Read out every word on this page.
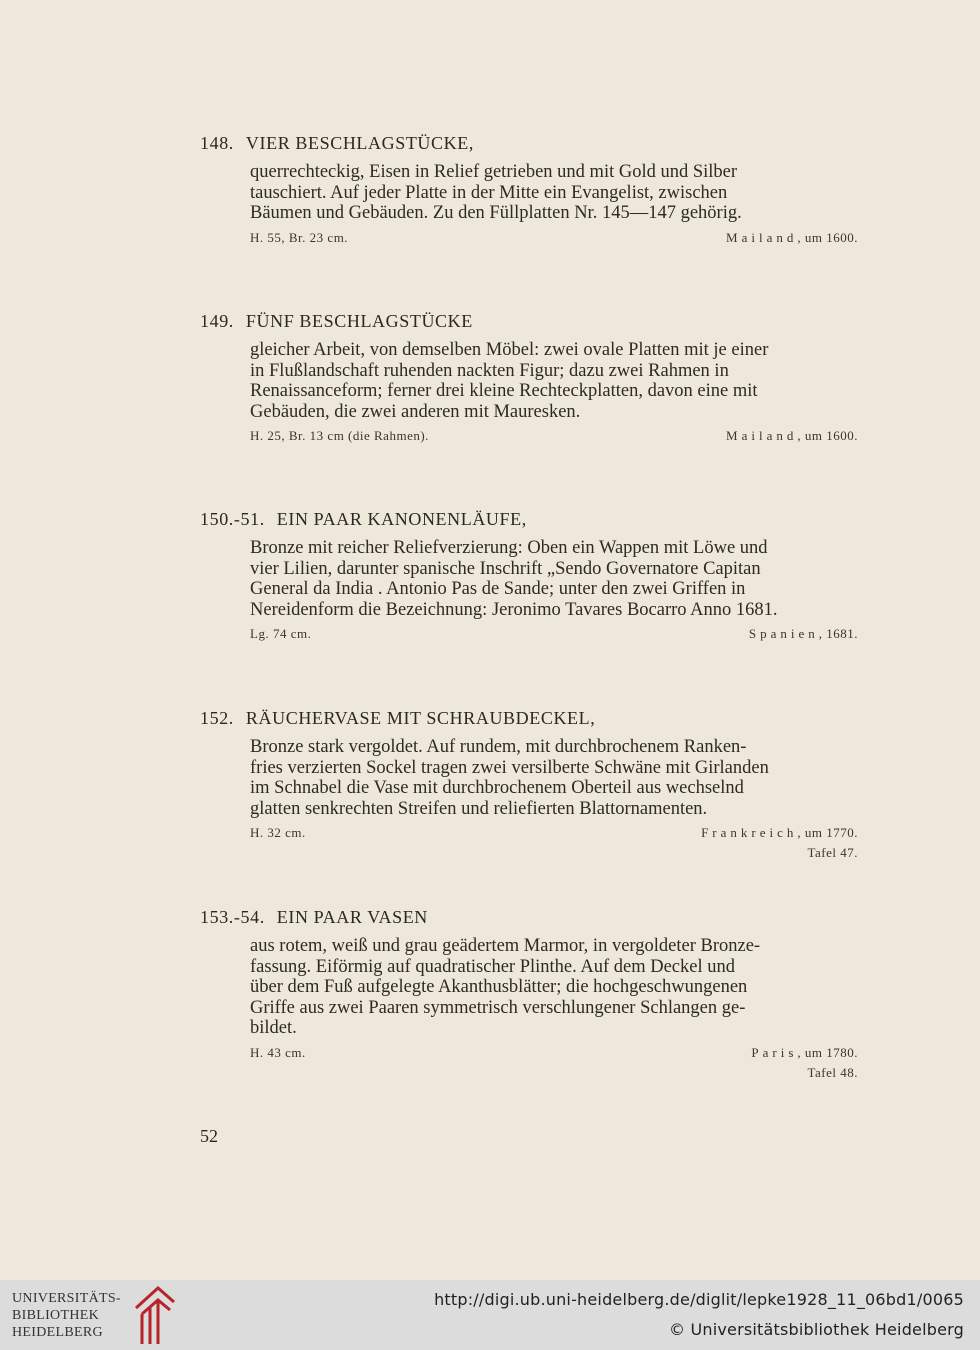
148. VIER BESCHLAGSTÜCKE,
querrechteckig, Eisen in Relief getrieben und mit Gold und Silber
tauschiert. Auf jeder Platte in der Mitte ein Evangelist, zwischen
Bäumen und Gebäuden. Zu den Füllplatten Nr. 145—147 gehörig.
H. 55, Br. 23 cm.	Mailand, um 1600.
149. FÜNF BESCHLAGSTÜCKE
gleicher Arbeit, von demselben Möbel: zwei ovale Platten mit je einer
in Flußlandschaft ruhenden nackten Figur; dazu zwei Rahmen in
Renaissanceform; ferner drei kleine Rechteckplatten, davon eine mit
Gebäuden, die zwei anderen mit Mauresken.
H. 25, Br. 13 cm (die Rahmen).	Mailand, um 1600.
150.-51. EIN PAAR KANONENLÄUFE,
Bronze mit reicher Reliefverzierung: Oben ein Wappen mit Löwe und
vier Lilien, darunter spanische Inschrift „Sendo Governatore Capitan
General da India . Antonio Pas de Sande; unter den zwei Griffen in
Nereidenform die Bezeichnung: Jeronimo Tavares Bocarro Anno 1681.
Lg. 74 cm.	Spanien, 1681.
152. RÄUCHERVASE MIT SCHRAUBDECKEL,
Bronze stark vergoldet. Auf rundem, mit durchbrochenem Ranken-
fries verzierten Sockel tragen zwei versilberte Schwäne mit Girlanden
im Schnabel die Vase mit durchbrochenem Oberteil aus wechselnd
glatten senkrechten Streifen und reliefierten Blattornamenten.
H. 32 cm.	Frankreich, um 1770.
Tafel 47.
153.-54. EIN PAAR VASEN
aus rotem, weiß und grau geädertem Marmor, in vergoldeter Bronze-
fassung. Eiförmig auf quadratischer Plinthe. Auf dem Deckel und
über dem Fuß aufgelegte Akanthusblätter; die hochgeschwungenen
Griffe aus zwei Paaren symmetrisch verschlungener Schlangen ge-
bildet.
H. 43 cm.	Paris, um 1780.
Tafel 48.
52
UNIVERSITÄTS-
BIBLIOTHEK
HEIDELBERG
http://digi.ub.uni-heidelberg.de/diglit/lepke1928_11_06bd1/0065
© Universitätsbibliothek Heidelberg
